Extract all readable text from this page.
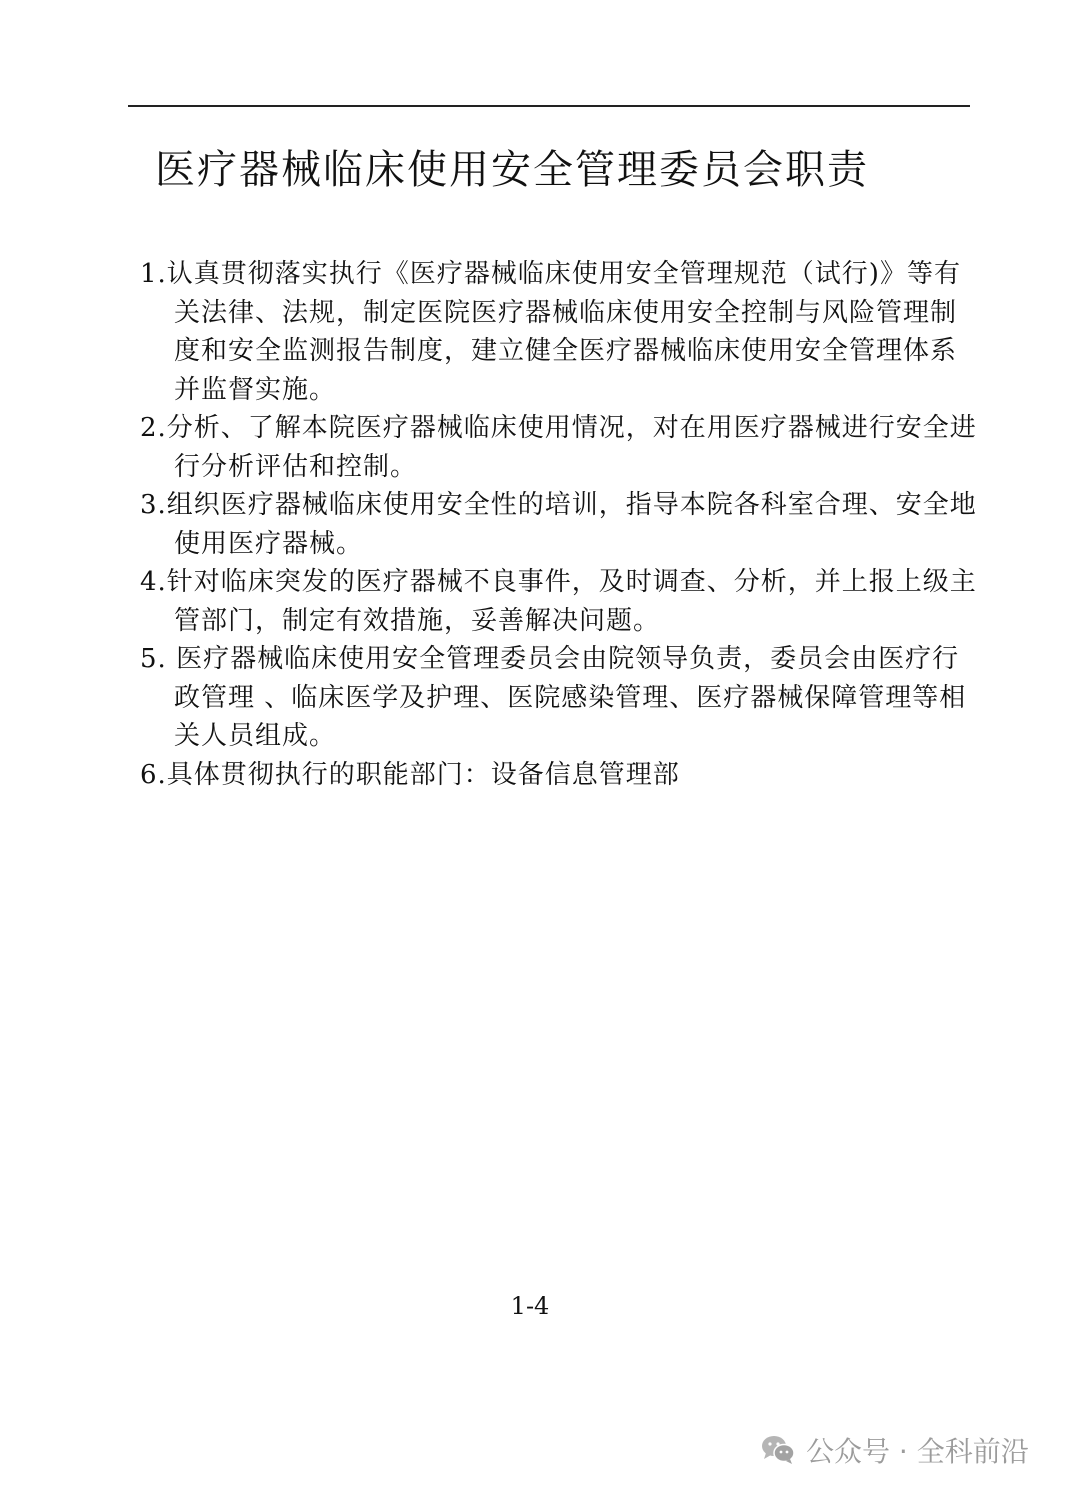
医疗器械临床使用安全管理委员会职责
1.认真贯彻落实执行《医疗器械临床使用安全管理规范（试行)》等有关法律、法规，制定医院医疗器械临床使用安全控制与风险管理制度和安全监测报告制度，建立健全医疗器械临床使用安全管理体系并监督实施。
2.分析、了解本院医疗器械临床使用情况，对在用医疗器械进行安全进行分析评估和控制。
3.组织医疗器械临床使用安全性的培训，指导本院各科室合理、安全地使用医疗器械。
4.针对临床突发的医疗器械不良事件，及时调查、分析，并上报上级主管部门，制定有效措施，妥善解决问题。
5. 医疗器械临床使用安全管理委员会由院领导负责，委员会由医疗行政管理 、临床医学及护理、医院感染管理、医疗器械保障管理等相关人员组成。
6.具体贯彻执行的职能部门：设备信息管理部
1-4
公众号 · 全科前沿
